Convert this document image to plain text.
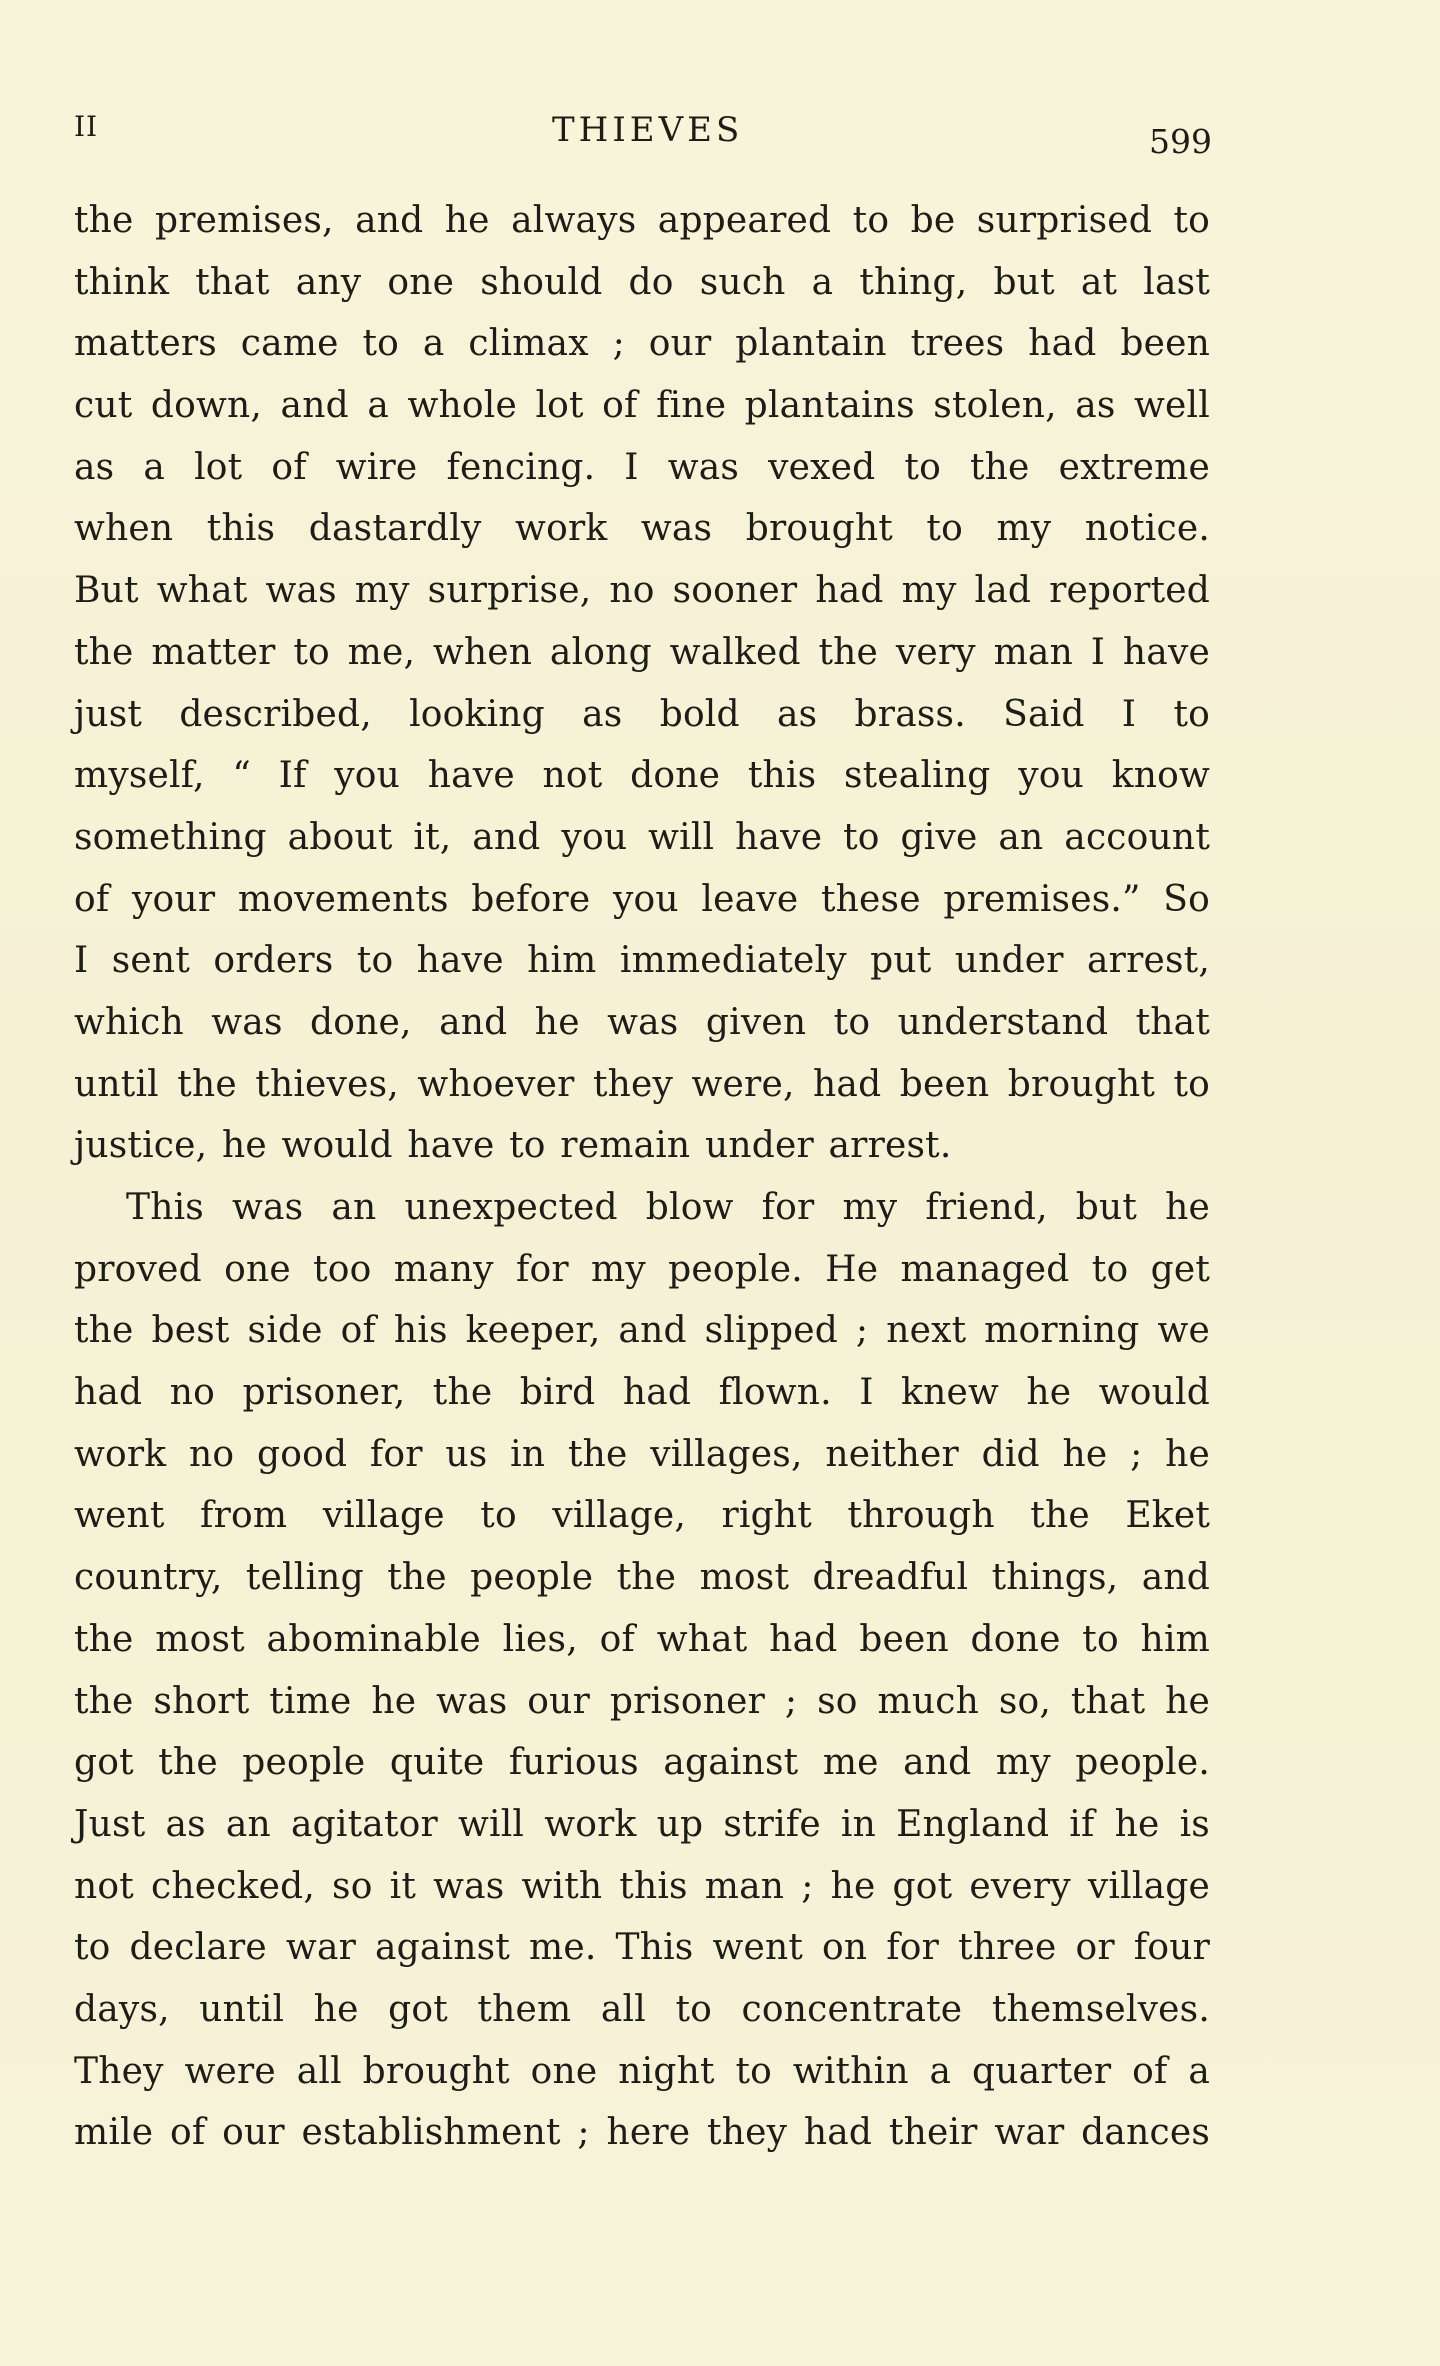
II	THIEVES	599
the premises, and he always appeared to be surprised to
think that any one should do such a thing, but at last
matters came to a climax ; our plantain trees had been
cut down, and a whole lot of fine plantains stolen, as well
as a lot of wire fencing. I was vexed to the extreme
when this dastardly work was brought to my notice.
But what was my surprise, no sooner had my lad reported
the matter to me, when along walked the very man I have
just described, looking as bold as brass. Said I to
myself, “ If you have not done this stealing you know
something about it, and you will have to give an account
of your movements before you leave these premises.” So
I sent orders to have him immediately put under arrest,
which was done, and he was given to understand that
until the thieves, whoever they were, had been brought to
justice, he would have to remain under arrest.
This was an unexpected blow for my friend, but he
proved one too many for my people. He managed to get
the best side of his keeper, and slipped ; next morning we
had no prisoner, the bird had flown. I knew he would
work no good for us in the villages, neither did he ; he
went from village to village, right through the Eket
country, telling the people the most dreadful things, and
the most abominable lies, of what had been done to him
the short time he was our prisoner ; so much so, that he
got the people quite furious against me and my people.
Just as an agitator will work up strife in England if he is
not checked, so it was with this man ; he got every village
to declare war against me. This went on for three or four
days, until he got them all to concentrate themselves.
They were all brought one night to within a quarter of a
mile of our establishment ; here they had their war dances
